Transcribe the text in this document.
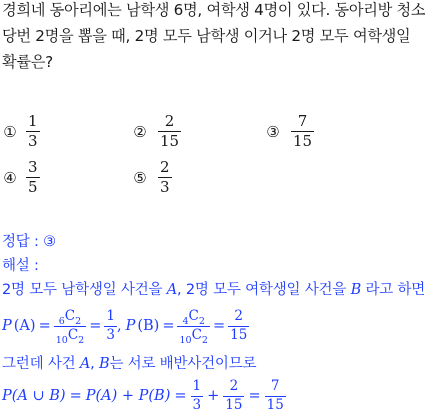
경희네 동아리에는 남학생 6명, 여학생 4명이 있다. 동아리방 청소
당번 2명을 뽑을 때, 2명 모두 남학생 이거나 2명 모두 여학생일
확률은?
① $\frac{1}{3}$	② $\frac{2}{15}$	③ $\frac{7}{15}$
④ $\frac{3}{5}$	⑤ $\frac{2}{3}$
정답 : ③
해설 :
2명 모두 남학생일 사건을 A, 2명 모두 여학생일 사건을 B 라고 하면
P $(A) = \frac{6 C 2}{10 C 2} = \frac{1}{3}$ , P $(B) = \frac{4 C 2}{10 C 2} = \frac{2}{15}$
그런데 사건 A, B는 서로 배반사건이므로
P(A ∪ $B) = P(A) + P(B) = \frac{1}{3} + \frac{2}{15} = \frac{7}{15}$
